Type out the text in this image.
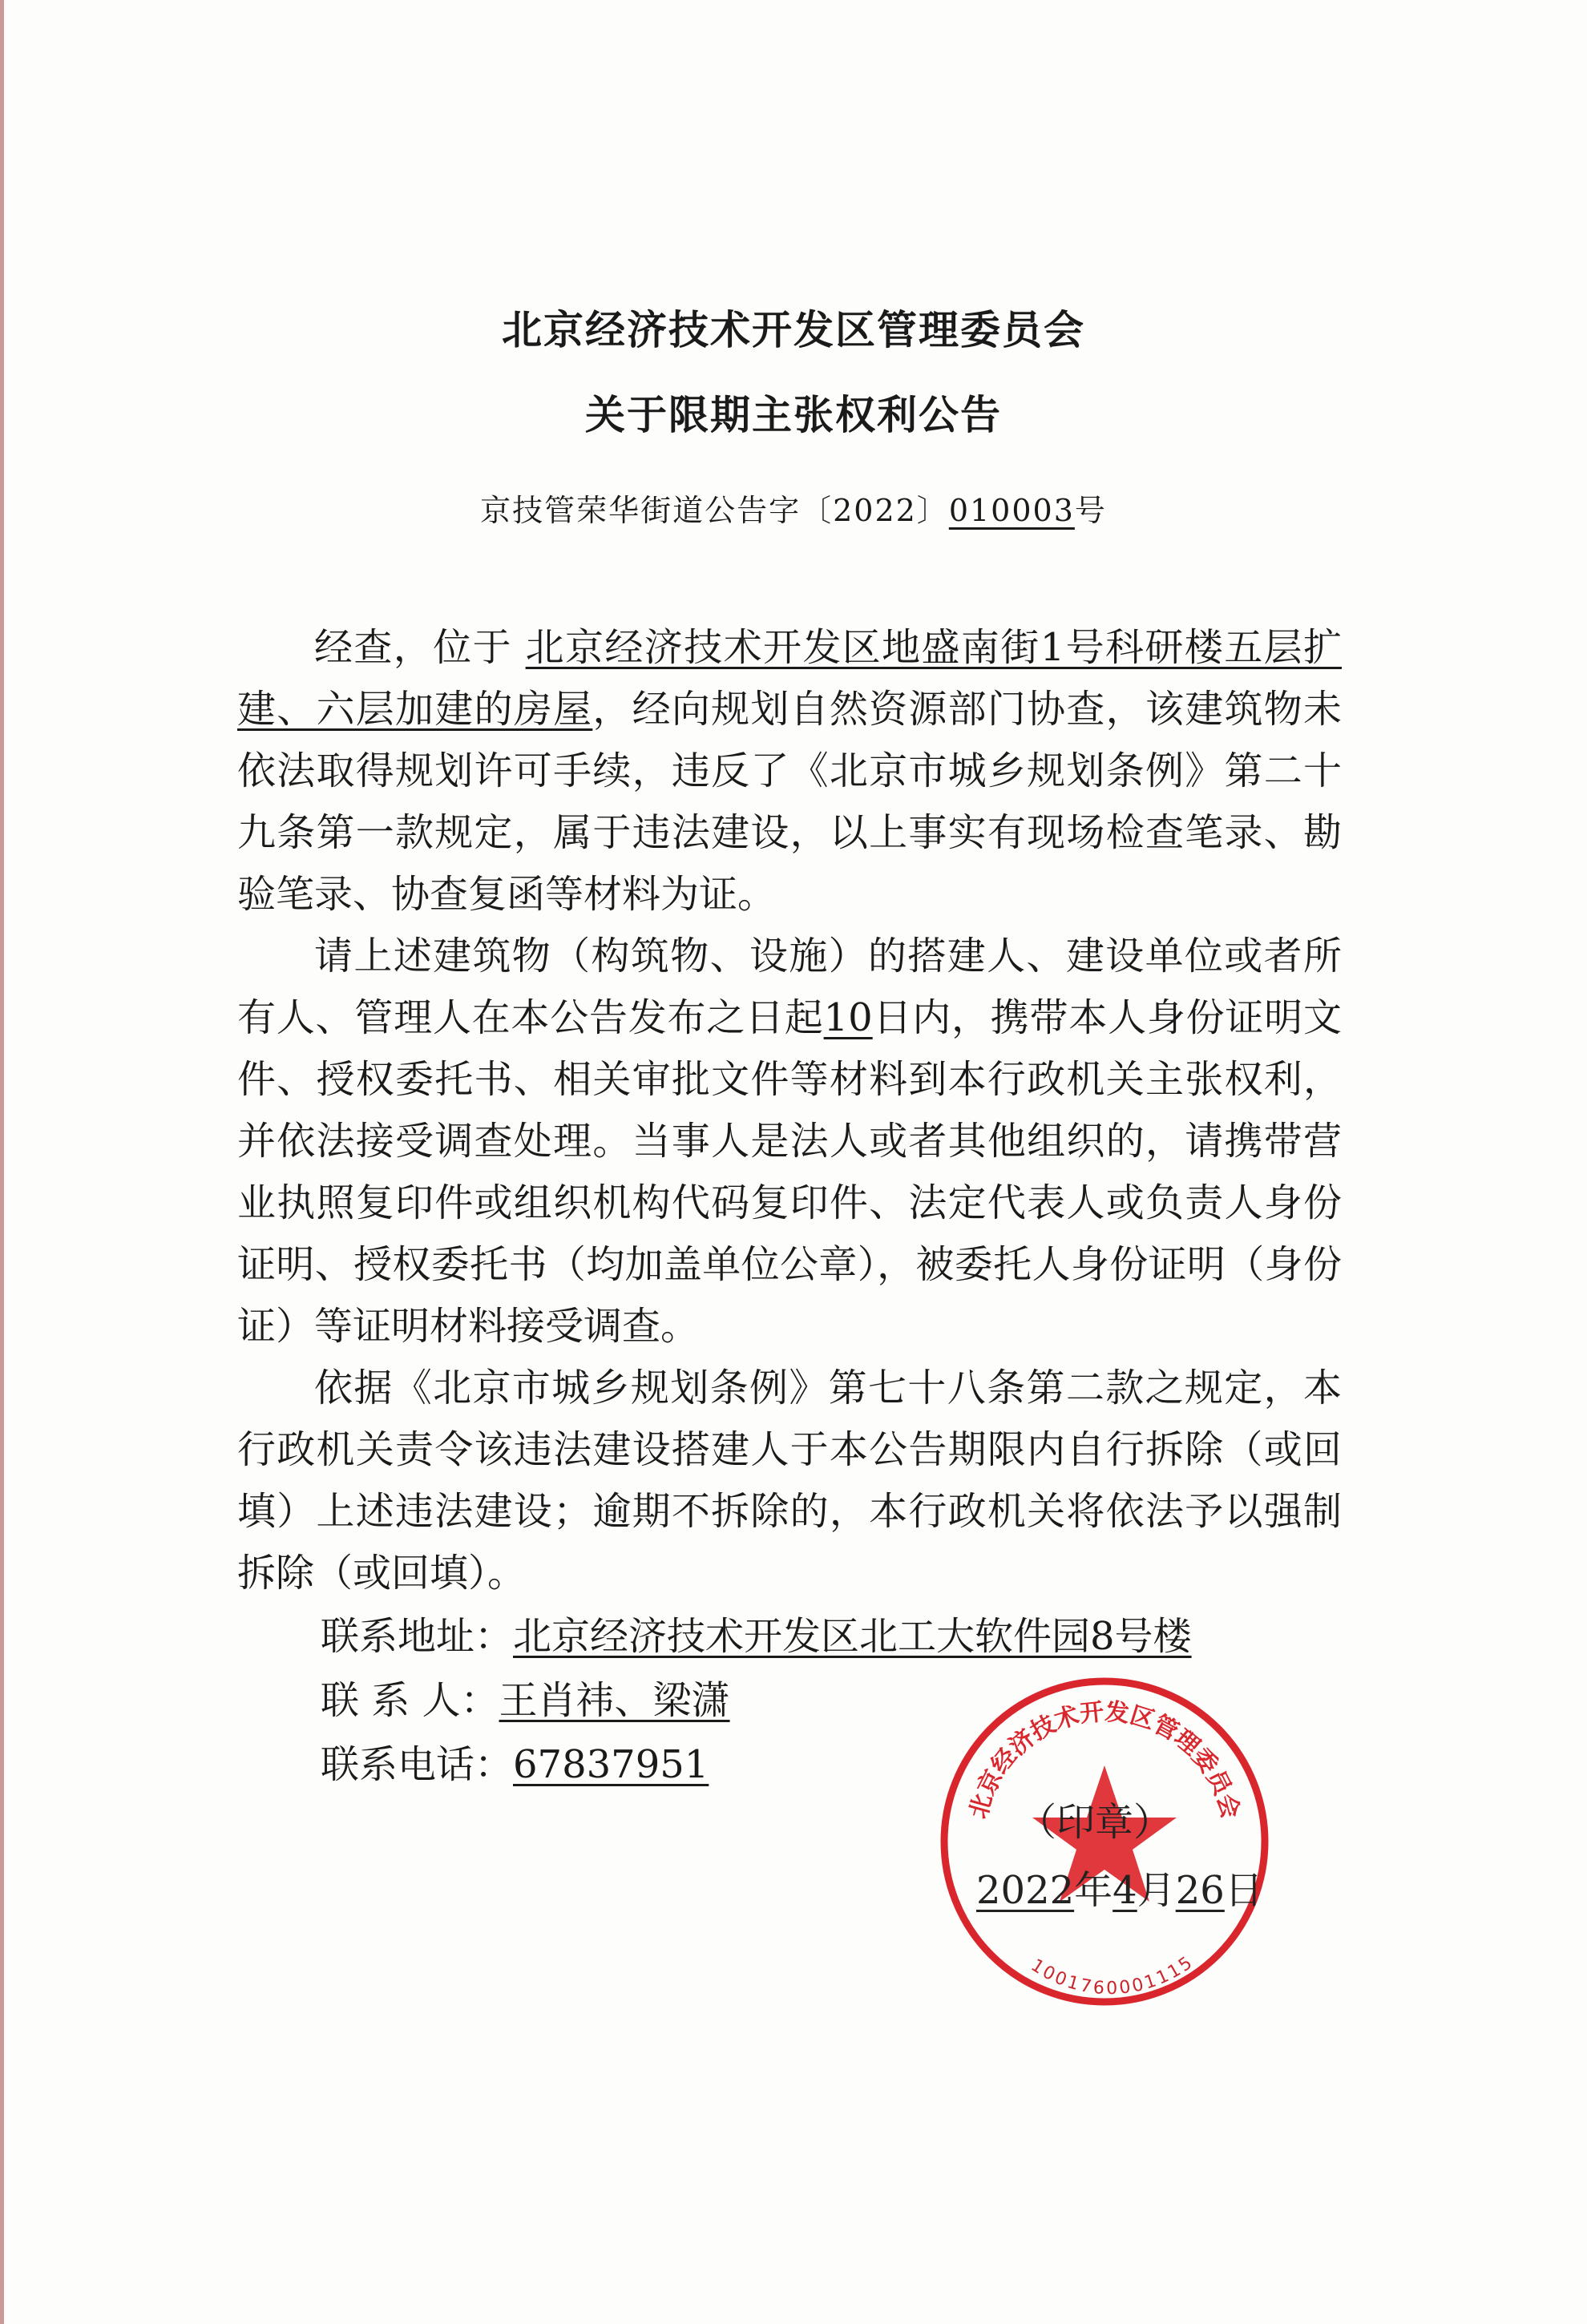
北京经济技术开发区管理委员会
关于限期主张权利公告
京技管荣华街道公告字〔2022〕010003号

经查，位于 北京经济技术开发区地盛南街1号科研楼五层扩建、六层加建的房屋，经向规划自然资源部门协查，该建筑物未依法取得规划许可手续，违反了《北京市城乡规划条例》第二十九条第一款规定，属于违法建设，以上事实有现场检查笔录、勘验笔录、协查复函等材料为证。

请上述建筑物（构筑物、设施）的搭建人、建设单位或者所有人、管理人在本公告发布之日起10日内，携带本人身份证明文件、授权委托书、相关审批文件等材料到本行政机关主张权利，并依法接受调查处理。当事人是法人或者其他组织的，请携带营业执照复印件或组织机构代码复印件、法定代表人或负责人身份证明、授权委托书（均加盖单位公章），被委托人身份证明（身份证）等证明材料接受调查。

依据《北京市城乡规划条例》第七十八条第二款之规定，本行政机关责令该违法建设搭建人于本公告期限内自行拆除（或回填）上述违法建设；逾期不拆除的，本行政机关将依法予以强制拆除（或回填）。

联系地址：北京经济技术开发区北工大软件园8号楼
联 系 人：王肖祎、梁潇
联系电话：67837951
北京经济技术开发区管理委员会
1001760001115
（印章）
2022年4月26日
